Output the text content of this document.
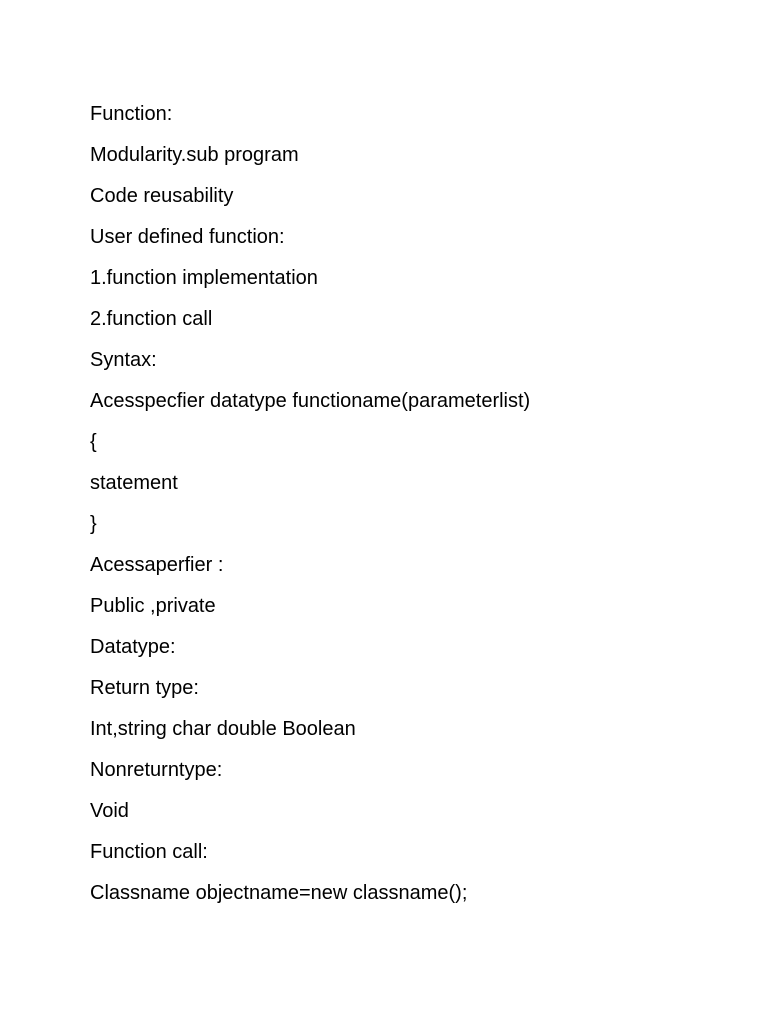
Function:
Modularity.sub program
Code reusability
User defined function:
1.function implementation
2.function call
Syntax:
Acesspecfier datatype functioname(parameterlist)
{
statement
}
Acessaperfier :
Public ,private
Datatype:
Return type:
Int,string char double Boolean
Nonreturntype:
Void
Function call:
Classname objectname=new classname();
